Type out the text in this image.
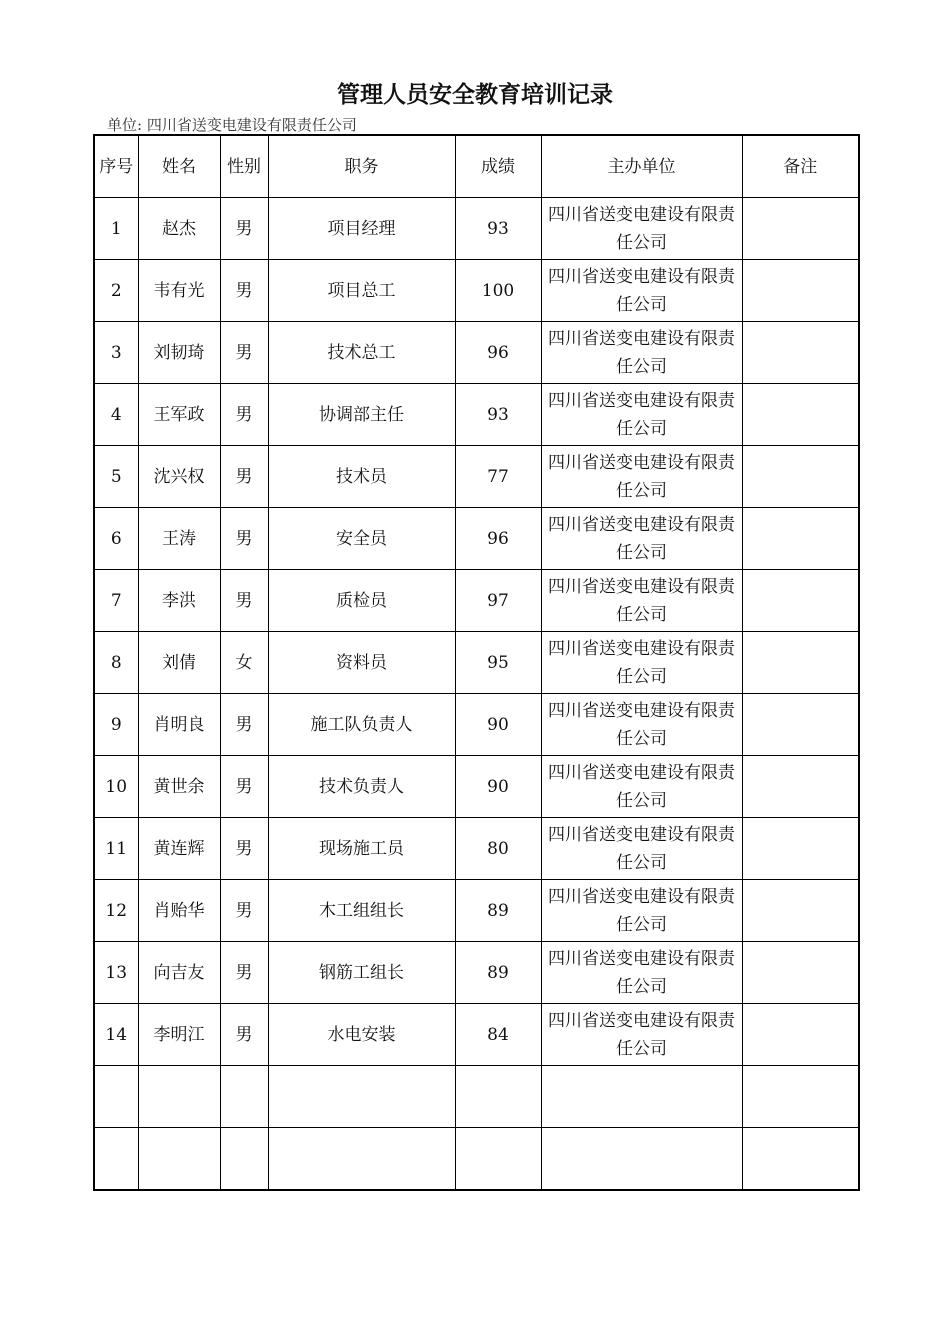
管理人员安全教育培训记录
单位: 四川省送变电建设有限责任公司
序号	姓名	性别	职务	成绩	主办单位	备注
1	赵杰	男	项目经理	93	四川省送变电建设有限责任公司	
2	韦有光	男	项目总工	100	四川省送变电建设有限责任公司	
3	刘韧琦	男	技术总工	96	四川省送变电建设有限责任公司	
4	王军政	男	协调部主任	93	四川省送变电建设有限责任公司	
5	沈兴权	男	技术员	77	四川省送变电建设有限责任公司	
6	王涛	男	安全员	96	四川省送变电建设有限责任公司	
7	李洪	男	质检员	97	四川省送变电建设有限责任公司	
8	刘倩	女	资料员	95	四川省送变电建设有限责任公司	
9	肖明良	男	施工队负责人	90	四川省送变电建设有限责任公司	
10	黄世余	男	技术负责人	90	四川省送变电建设有限责任公司	
11	黄连辉	男	现场施工员	80	四川省送变电建设有限责任公司	
12	肖贻华	男	木工组组长	89	四川省送变电建设有限责任公司	
13	向吉友	男	钢筋工组长	89	四川省送变电建设有限责任公司	
14	李明江	男	水电安装	84	四川省送变电建设有限责任公司	
